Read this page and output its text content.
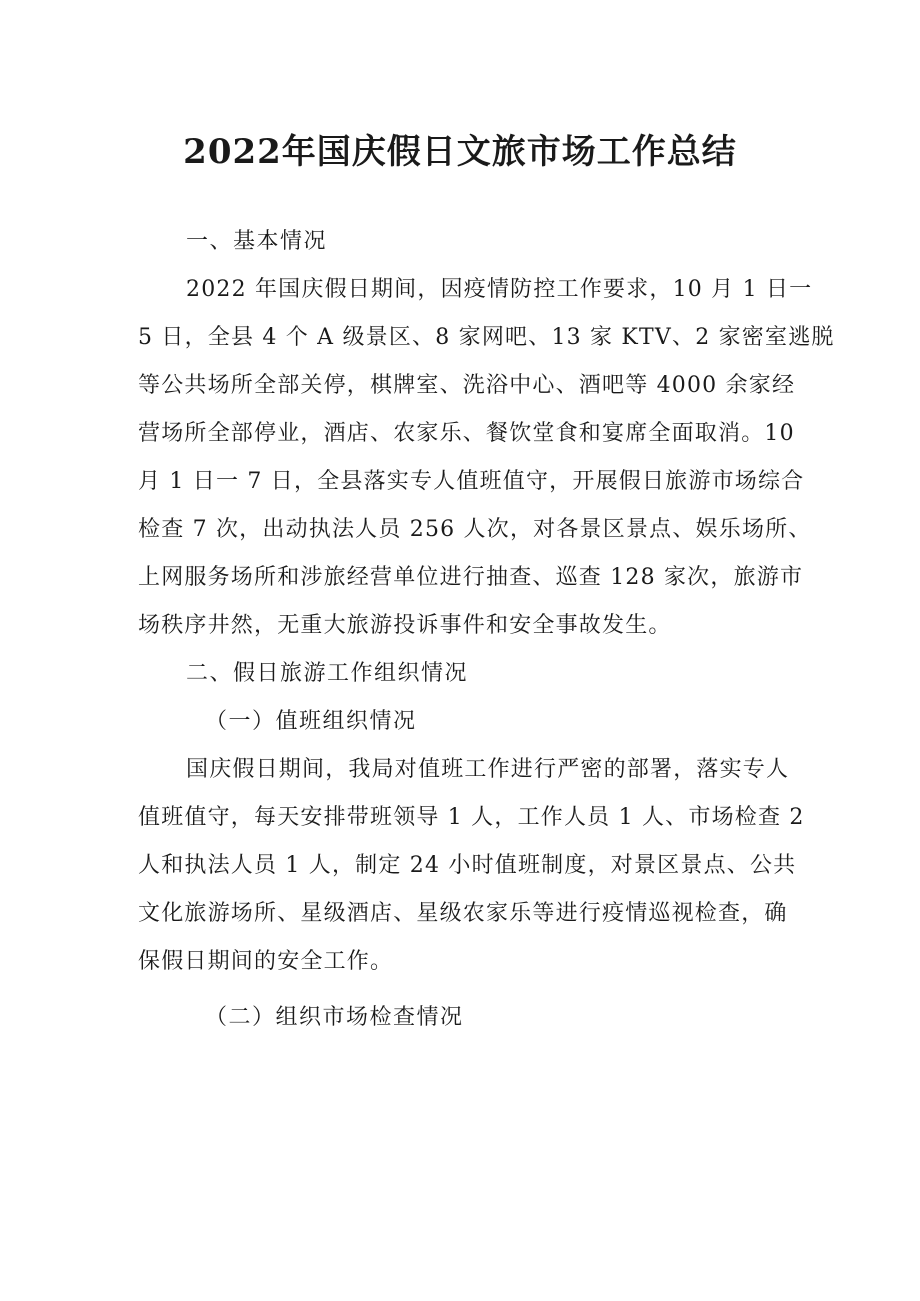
2022年国庆假日文旅市场工作总结

一、基本情况

2022 年国庆假日期间，因疫情防控工作要求，10 月 1 日一

5 日，全县 4 个 A 级景区、8 家网吧、13 家 KTV、2 家密室逃脱

等公共场所全部关停，棋牌室、洗浴中心、酒吧等 4000 余家经

营场所全部停业，酒店、农家乐、餐饮堂食和宴席全面取消。10

月 1 日一 7 日，全县落实专人值班值守，开展假日旅游市场综合

检查 7 次，出动执法人员 256 人次，对各景区景点、娱乐场所、

上网服务场所和涉旅经营单位进行抽查、巡查 128 家次，旅游市

场秩序井然，无重大旅游投诉事件和安全事故发生。

二、假日旅游工作组织情况

（一）值班组织情况

国庆假日期间，我局对值班工作进行严密的部署，落实专人

值班值守，每天安排带班领导 1 人，工作人员 1 人、市场检查 2

人和执法人员 1 人，制定 24 小时值班制度，对景区景点、公共

文化旅游场所、星级酒店、星级农家乐等进行疫情巡视检查，确

保假日期间的安全工作。

（二）组织市场检查情况
